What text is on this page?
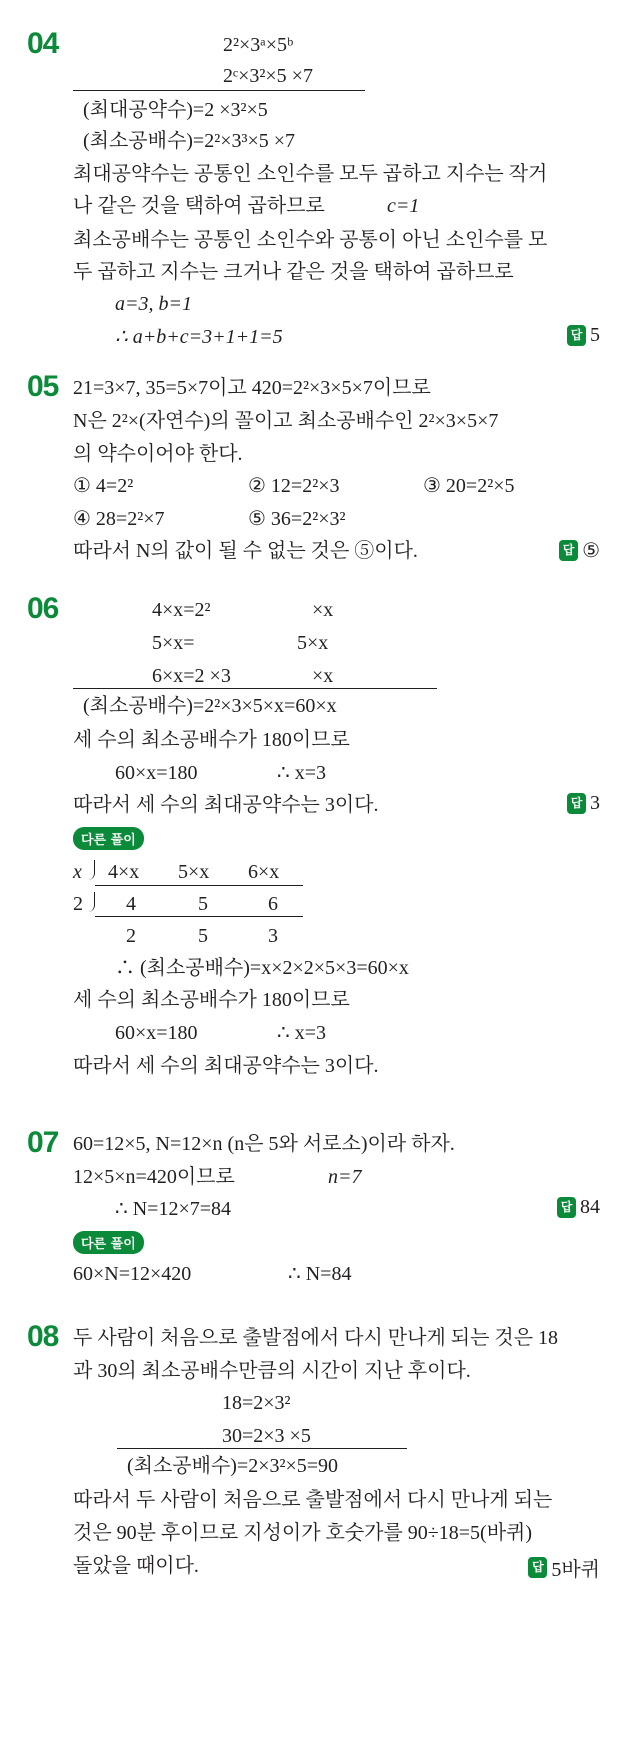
04	2²×3ᵃ×5ᵇ
2ᶜ×3²×5 ×7
(최대공약수)=2 ×3²×5
(최소공배수)=2²×3³×5 ×7
최대공약수는 공통인 소인수를 모두 곱하고 지수는 작거
나 같은 것을 택하여 곱하므로	c=1
최소공배수는 공통인 소인수와 공통이 아닌 소인수를 모
두 곱하고 지수는 크거나 같은 것을 택하여 곱하므로
a=3, b=1
∴ a+b+c=3+1+1=5	답 5
05 21=3×7, 35=5×7이고 420=2²×3×5×7이므로
N은 2²×(자연수)의 꼴이고 최소공배수인 2²×3×5×7
의 약수이어야 한다.
① 4=2²	② 12=2²×3	③ 20=2²×5
④ 28=2²×7	⑤ 36=2²×3²
따라서 N의 값이 될 수 없는 것은 ⑤이다.	답 ⑤
06	4×x=2²	×x
5×x=	5×x
6×x=2 ×3	×x
(최소공배수)=2²×3×5×x=60×x
세 수의 최소공배수가 180이므로
60×x=180	∴ x=3
따라서 세 수의 최대공약수는 3이다.	답 3
다른 풀이
x 4×x 5×x 6×x
2 4	5	6
2	5	3
∴ (최소공배수)=x×2×2×5×3=60×x
세 수의 최소공배수가 180이므로
60×x=180	∴ x=3
따라서 세 수의 최대공약수는 3이다.
07 60=12×5, N=12×n (n은 5와 서로소)이라 하자.
12×5×n=420이므로	n=7
∴ N=12×7=84	답 84
다른 풀이
60×N=12×420	∴ N=84
08 두 사람이 처음으로 출발점에서 다시 만나게 되는 것은 18
과 30의 최소공배수만큼의 시간이 지난 후이다.
18=2×3²
30=2×3 ×5
(최소공배수)=2×3²×5=90
따라서 두 사람이 처음으로 출발점에서 다시 만나게 되는
것은 90분 후이므로 지성이가 호숫가를 90÷18=5(바퀴)
돌았을 때이다.	답 5바퀴
